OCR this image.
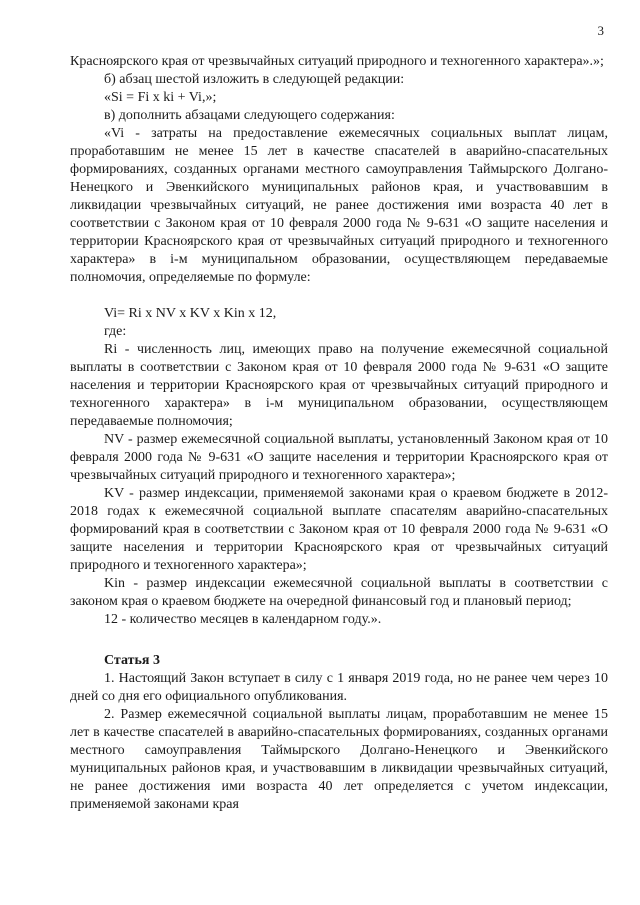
3

Красноярского края от чрезвычайных ситуаций природного и техногенного характера».»;

б) абзац шестой изложить в следующей редакции:

«Si = Fi x ki + Vi,»;

в) дополнить абзацами следующего содержания:

«Vi - затраты на предоставление ежемесячных социальных выплат лицам, проработавшим не менее 15 лет в качестве спасателей в аварийно-спасательных формированиях, созданных органами местного самоуправления Таймырского Долгано-Ненецкого и Эвенкийского муниципальных районов края, и участвовавшим в ликвидации чрезвычайных ситуаций, не ранее достижения ими возраста 40 лет в соответствии с Законом края от 10 февраля 2000 года № 9-631 «О защите населения и территории Красноярского края от чрезвычайных ситуаций природного и техногенного характера» в i-м муниципальном образовании, осуществляющем передаваемые полномочия, определяемые по формуле:

Vi= Ri x NV x KV x Kin x 12,

где:

Ri - численность лиц, имеющих право на получение ежемесячной социальной выплаты в соответствии с Законом края от 10 февраля 2000 года № 9-631 «О защите населения и территории Красноярского края от чрезвычайных ситуаций природного и техногенного характера» в i-м муниципальном образовании, осуществляющем передаваемые полномочия;

NV - размер ежемесячной социальной выплаты, установленный Законом края от 10 февраля 2000 года № 9-631 «О защите населения и территории Красноярского края от чрезвычайных ситуаций природного и техногенного характера»;

KV - размер индексации, применяемой законами края о краевом бюджете в 2012-2018 годах к ежемесячной социальной выплате спасателям аварийно-спасательных формирований края в соответствии с Законом края от 10 февраля 2000 года № 9-631 «О защите населения и территории Красноярского края от чрезвычайных ситуаций природного и техногенного характера»;

Kin - размер индексации ежемесячной социальной выплаты в соответствии с законом края о краевом бюджете на очередной финансовый год и плановый период;

12 - количество месяцев в календарном году.».

Статья 3

1. Настоящий Закон вступает в силу с 1 января 2019 года, но не ранее чем через 10 дней со дня его официального опубликования.

2. Размер ежемесячной социальной выплаты лицам, проработавшим не менее 15 лет в качестве спасателей в аварийно-спасательных формированиях, созданных органами местного самоуправления Таймырского Долгано-Ненецкого и Эвенкийского муниципальных районов края, и участвовавшим в ликвидации чрезвычайных ситуаций, не ранее достижения ими возраста 40 лет определяется с учетом индексации, применяемой законами края
